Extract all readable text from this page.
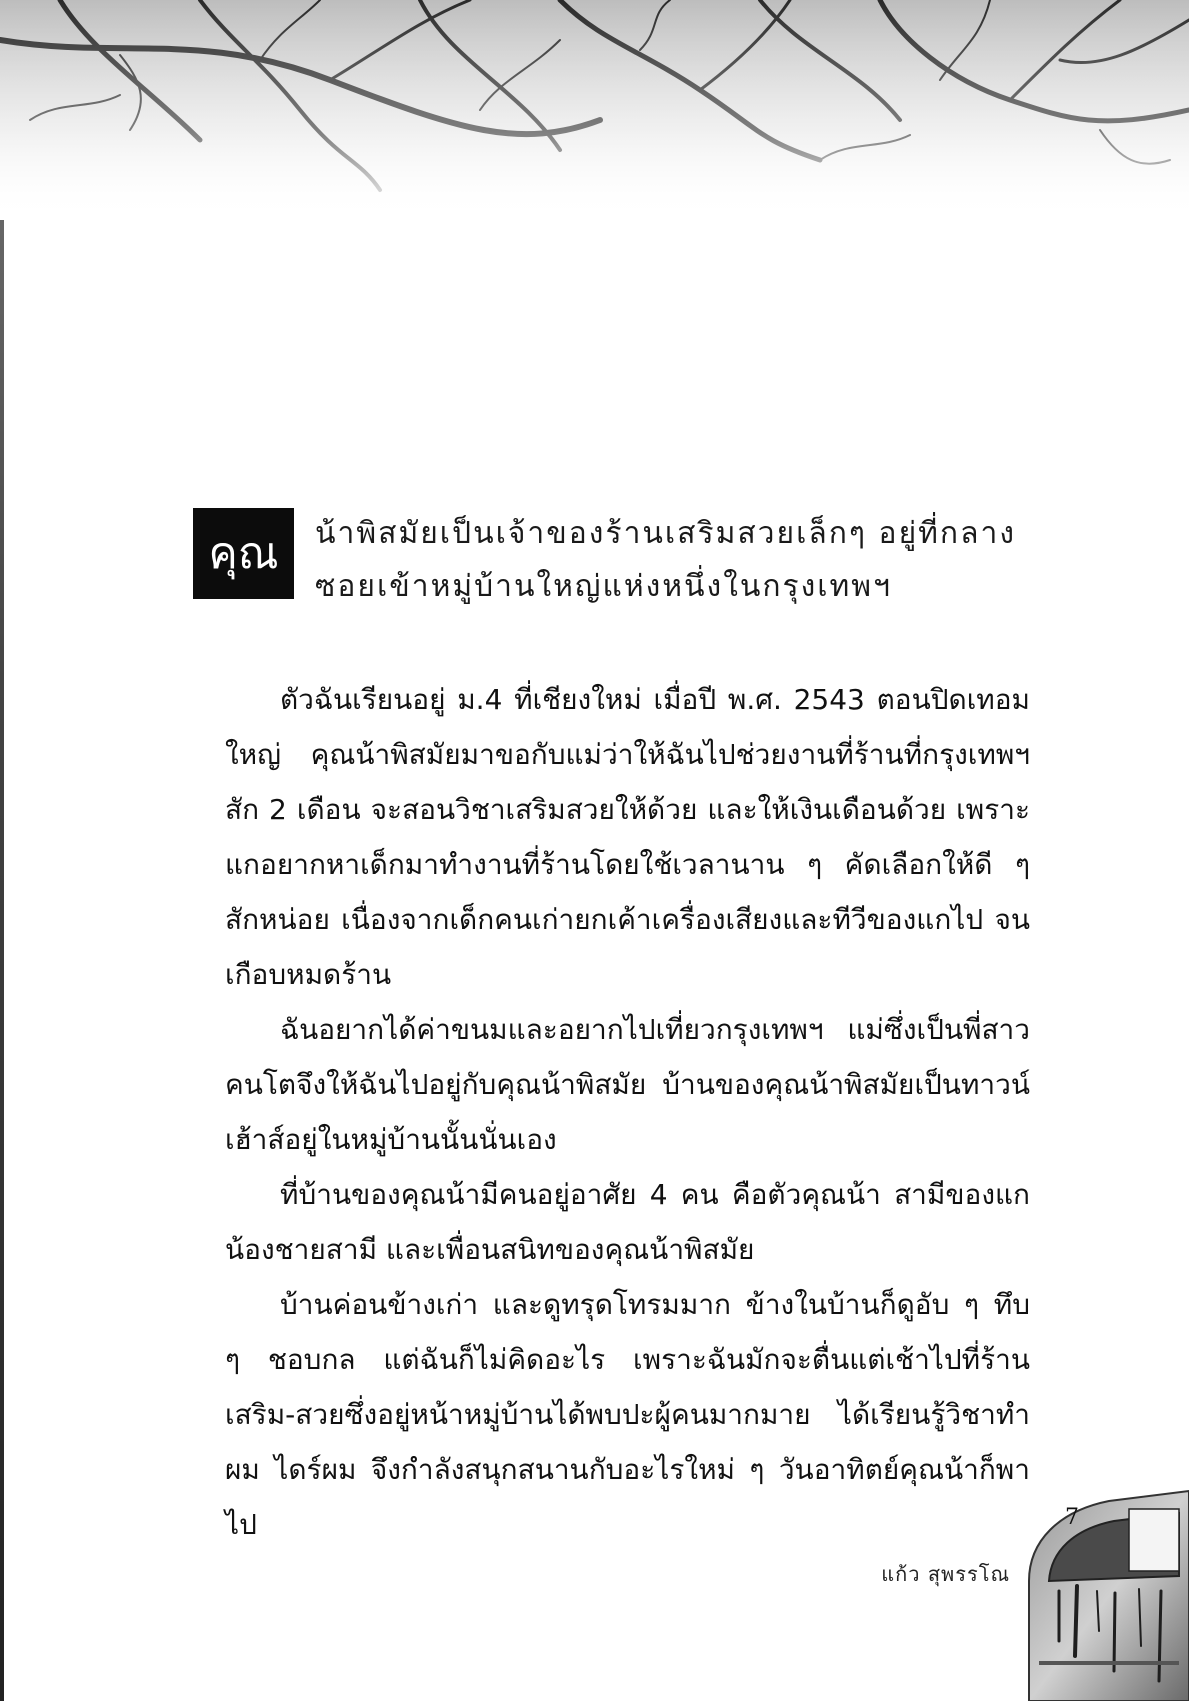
คุณ	น้าพิสมัยเป็นเจ้าของร้านเสริมสวยเล็กๆ อยู่ที่กลาง
ซอยเข้าหมู่บ้านใหญ่แห่งหนึ่งในกรุงเทพฯ

ตัวฉันเรียนอยู่ ม.4 ที่เชียงใหม่ เมื่อปี พ.ศ. 2543 ตอนปิดเทอมใหญ่ คุณน้าพิสมัยมาขอกับแม่ว่าให้ฉันไปช่วยงานที่ร้านที่กรุงเทพฯ สัก 2 เดือน จะสอนวิชาเสริมสวยให้ด้วย และให้เงินเดือนด้วย เพราะแกอยากหาเด็กมาทำงานที่ร้านโดยใช้เวลานาน ๆ คัดเลือกให้ดี ๆ สักหน่อย เนื่องจากเด็กคนเก่ายกเค้าเครื่องเสียงและทีวีของแกไป จนเกือบหมดร้าน

ฉันอยากได้ค่าขนมและอยากไปเที่ยวกรุงเทพฯ แม่ซึ่งเป็นพี่สาวคนโตจึงให้ฉันไปอยู่กับคุณน้าพิสมัย บ้านของคุณน้าพิสมัยเป็นทาวน์เฮ้าส์อยู่ในหมู่บ้านนั้นนั่นเอง

ที่บ้านของคุณน้ามีคนอยู่อาศัย 4 คน คือตัวคุณน้า สามีของแกน้องชายสามี และเพื่อนสนิทของคุณน้าพิสมัย

บ้านค่อนข้างเก่า และดูทรุดโทรมมาก ข้างในบ้านก็ดูอับ ๆ ทึบ ๆ ชอบกล แต่ฉันก็ไม่คิดอะไร เพราะฉันมักจะตื่นแต่เช้าไปที่ร้านเสริม-สวยซึ่งอยู่หน้าหมู่บ้านได้พบปะผู้คนมากมาย ได้เรียนรู้วิชาทำผม ไดร์ผม จึงกำลังสนุกสนานกับอะไรใหม่ ๆ วันอาทิตย์คุณน้าก็พาไป	7
แก้ว สุพรรโณ
